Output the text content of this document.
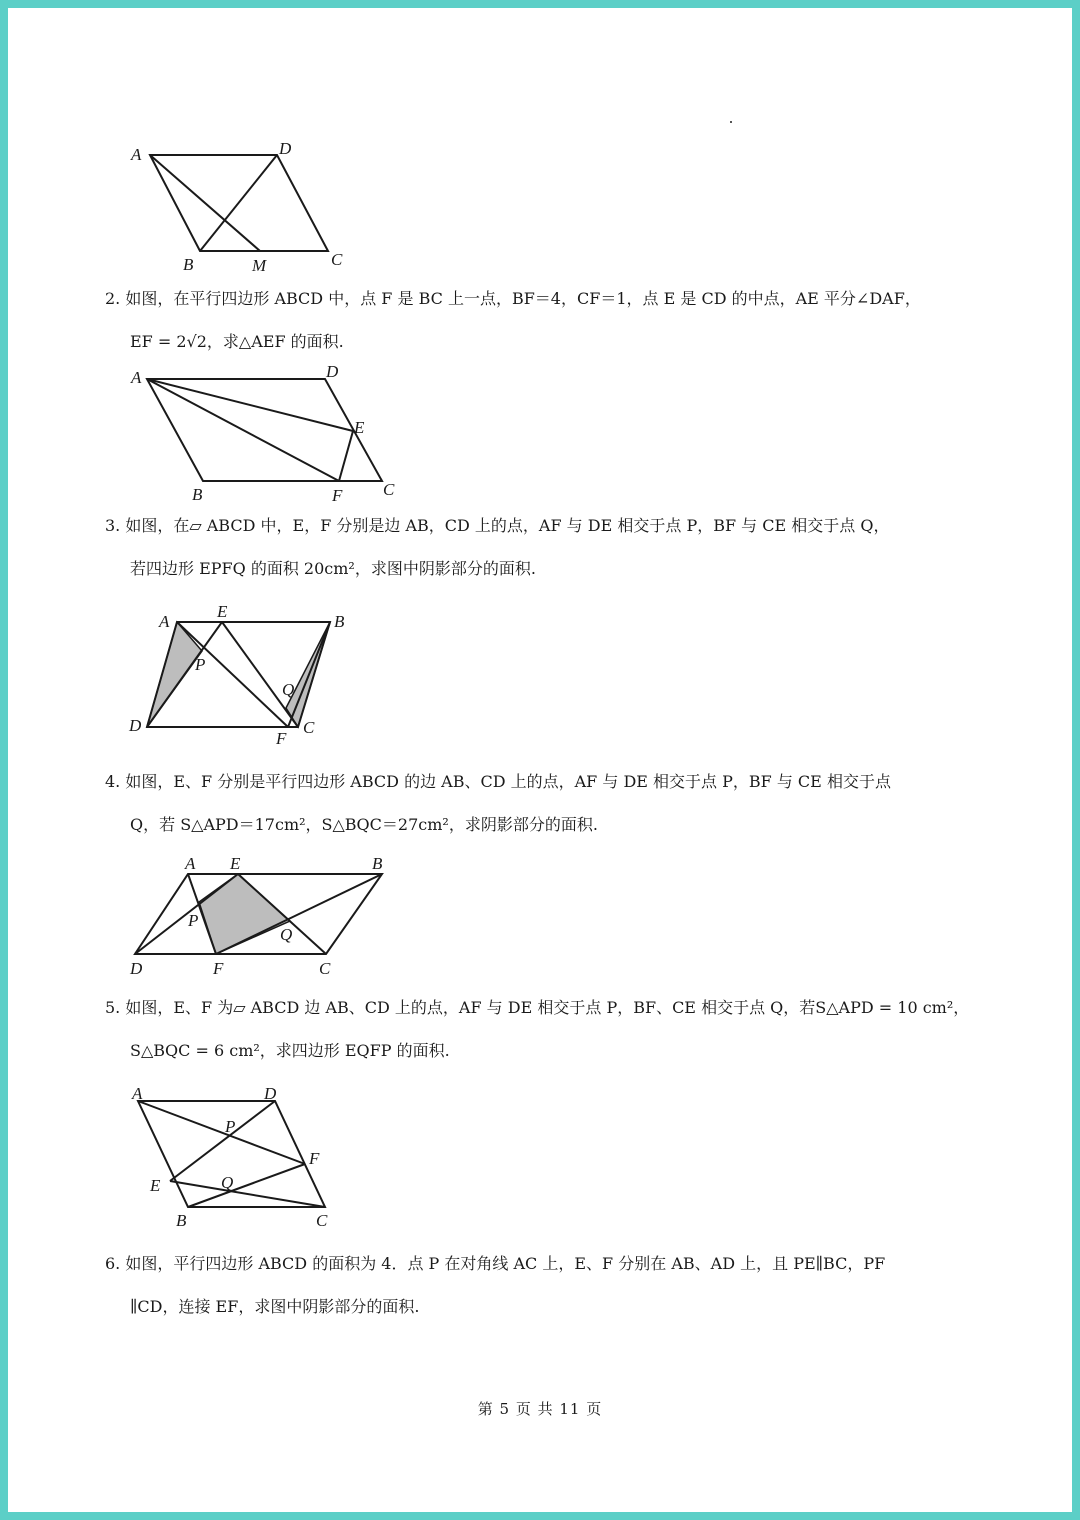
A	D
B	M	C
2. 如图，在平行四边形 ABCD 中，点 F 是 BC 上一点，BF＝4，CF＝1，点 E 是 CD 的中点，AE 平分∠DAF，
EF = 2√2，求△AEF 的面积.
A	D
E
B	F C
3. 如图，在▱ ABCD 中，E，F 分别是边 AB，CD 上的点，AF 与 DE 相交于点 P，BF 与 CE 相交于点 Q，
若四边形 EPFQ 的面积 20cm²，求图中阴影部分的面积.
A
E
B
P
Q
D
F
C
4. 如图，E、F 分别是平行四边形 ABCD 的边 AB、CD 上的点，AF 与 DE 相交于点 P，BF 与 CE 相交于点
Q，若 S△APD＝17cm²，S△BQC＝27cm²，求阴影部分的面积.
A E	B
P
Q
D	F	C
5. 如图，E、F 为▱ ABCD 边 AB、CD 上的点，AF 与 DE 相交于点 P，BF、CE 相交于点 Q，若S△APD = 10 cm²，
S△BQC = 6 cm²，求四边形 EQFP 的面积.
A	D
P
F
E	Q
B	C
6. 如图，平行四边形 ABCD 的面积为 4．点 P 在对角线 AC 上，E、F 分别在 AB、AD 上，且 PE∥BC，PF
∥CD，连接 EF，求图中阴影部分的面积.
第 5 页 共 11 页
